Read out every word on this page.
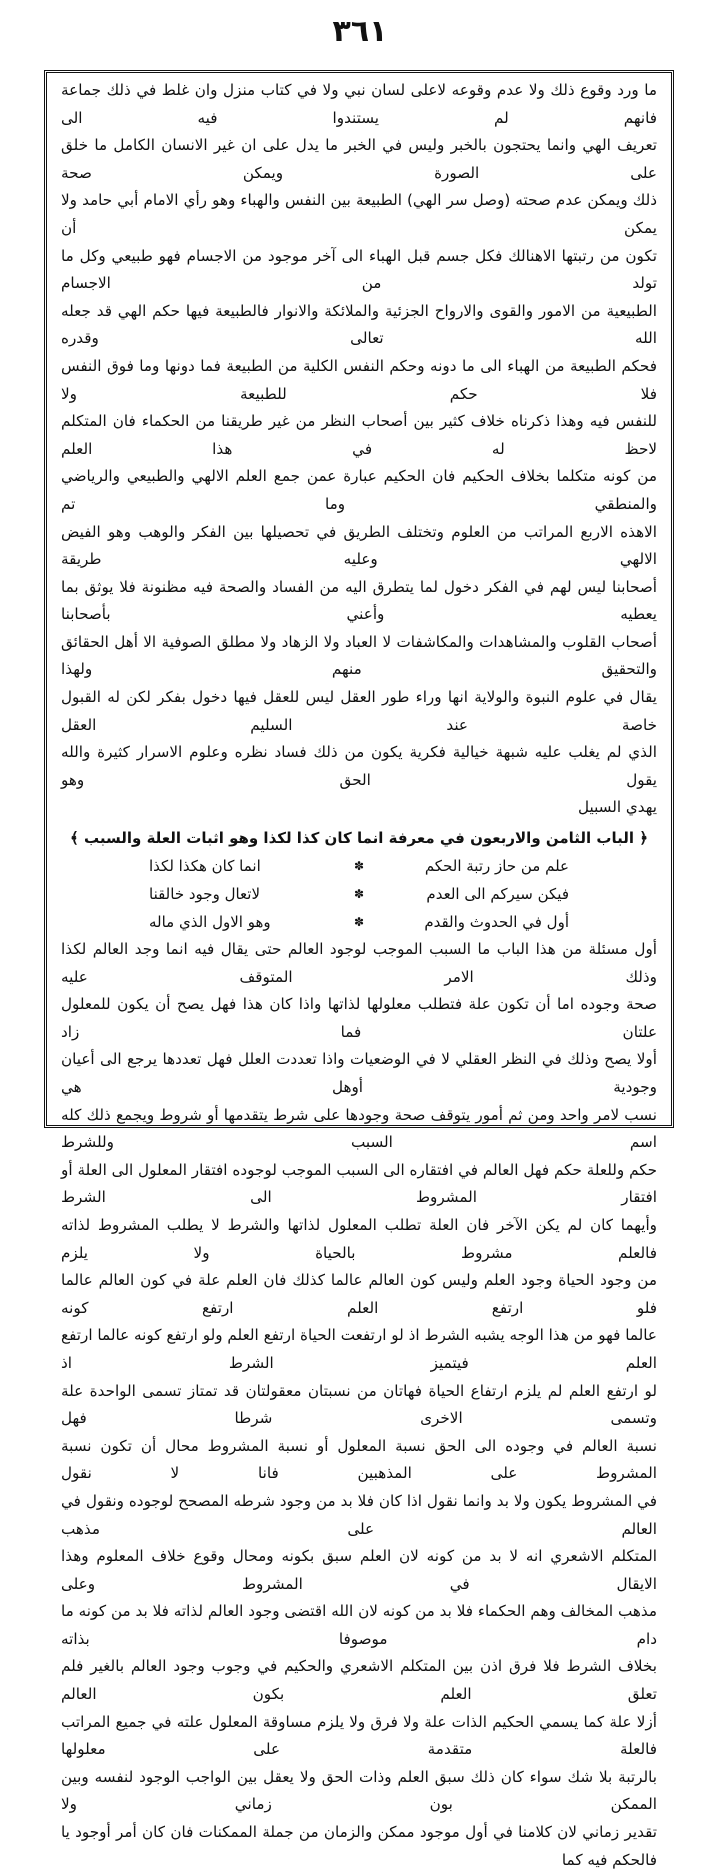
٣٦١

ما ورد وقوع ذلك ولا عدم وقوعه لاعلى لسان نبي ولا في كتاب منزل وان غلط في ذلك جماعة فانهم لم يستندوا فيه الى

تعريف الهي وانما يحتجون بالخبر وليس في الخبر ما يدل على ان غير الانسان الكامل ما خلق على الصورة ويمكن صحة

ذلك ويمكن عدم صحته (وصل سر الهي) الطبيعة بين النفس والهباء وهو رأي الامام أبي حامد ولا يمكن أن

تكون من رتبتها الاهنالك فكل جسم قبل الهباء الى آخر موجود من الاجسام فهو طبيعي وكل ما تولد من الاجسام

الطبيعية من الامور والقوى والارواح الجزئية والملائكة والانوار فالطبيعة فيها حكم الهي قد جعله الله تعالى وقدره

فحكم الطبيعة من الهباء الى ما دونه وحكم النفس الكلية من الطبيعة فما دونها وما فوق النفس فلا حكم للطبيعة ولا

للنفس فيه وهذا ذكرناه خلاف كثير بين أصحاب النظر من غير طريقنا من الحكماء فان المتكلم لاحظ له في هذا العلم

من كونه متكلما بخلاف الحكيم فان الحكيم عبارة عمن جمع العلم الالهي والطبيعي والرياضي والمنطقي وما تم

الاهذه الاربع المراتب من العلوم وتختلف الطريق في تحصيلها بين الفكر والوهب وهو الفيض الالهي وعليه طريقة

أصحابنا ليس لهم في الفكر دخول لما يتطرق اليه من الفساد والصحة فيه مظنونة فلا يوثق بما يعطيه وأعني بأصحابنا

أصحاب القلوب والمشاهدات والمكاشفات لا العباد ولا الزهاد ولا مطلق الصوفية الا أهل الحقائق والتحقيق منهم ولهذا

يقال في علوم النبوة والولاية انها وراء طور العقل ليس للعقل فيها دخول بفكر لكن له القبول خاصة عند السليم العقل

الذي لم يغلب عليه شبهة خيالية فكرية يكون من ذلك فساد نظره وعلوم الاسرار كثيرة والله يقول الحق وهو

يهدي السبيل

﴿ الباب الثامن والاربعون في معرفة انما كان كذا لكذا وهو اثبات العلة والسبب ﴾
علم من حاز رتبة الحكم
✽
انما كان هكذا لكذا
فيكن سيركم الى العدم
✽
لاتعال وجود خالقنا
أول في الحدوث والقدم
✽
وهو الاول الذي ماله

أول مسئلة من هذا الباب ما السبب الموجب لوجود العالم حتى يقال فيه انما وجد العالم لكذا وذلك الامر المتوقف عليه

صحة وجوده اما أن تكون علة فتطلب معلولها لذاتها واذا كان هذا فهل يصح أن يكون للمعلول علتان فما زاد

أولا يصح وذلك في النظر العقلي لا في الوضعيات واذا تعددت العلل فهل تعددها يرجع الى أعيان وجودية أوهل هي

نسب لامر واحد ومن ثم أمور يتوقف صحة وجودها على شرط يتقدمها أو شروط ويجمع ذلك كله اسم السبب وللشرط

حكم وللعلة حكم فهل العالم في افتقاره الى السبب الموجب لوجوده افتقار المعلول الى العلة أو افتقار المشروط الى الشرط

وأيهما كان لم يكن الآخر فان العلة تطلب المعلول لذاتها والشرط لا يطلب المشروط لذاته فالعلم مشروط بالحياة ولا يلزم

من وجود الحياة وجود العلم وليس كون العالم عالما كذلك فان العلم علة في كون العالم عالما فلو ارتفع العلم ارتفع كونه

عالما فهو من هذا الوجه يشبه الشرط اذ لو ارتفعت الحياة ارتفع العلم ولو ارتفع كونه عالما ارتفع العلم فيتميز الشرط اذ

لو ارتفع العلم لم يلزم ارتفاع الحياة فهاتان من نسبتان معقولتان قد تمتاز تسمى الواحدة علة وتسمى الاخرى شرطا فهل

نسبة العالم في وجوده الى الحق نسبة المعلول أو نسبة المشروط محال أن تكون نسبة المشروط على المذهبين فانا لا نقول

في المشروط يكون ولا بد وانما نقول اذا كان فلا بد من وجود شرطه المصحح لوجوده ونقول في العالم على مذهب

المتكلم الاشعري انه لا بد من كونه لان العلم سبق بكونه ومحال وقوع خلاف المعلوم وهذا الايقال في المشروط وعلى

مذهب المخالف وهم الحكماء فلا بد من كونه لان الله اقتضى وجود العالم لذاته فلا بد من كونه ما دام موصوفا بذاته

بخلاف الشرط فلا فرق اذن بين المتكلم الاشعري والحكيم في وجوب وجود العالم بالغير فلم تعلق العلم بكون العالم

أزلا علة كما يسمي الحكيم الذات علة ولا فرق ولا يلزم مساوقة المعلول علته في جميع المراتب فالعلة متقدمة على معلولها

بالرتبة بلا شك سواء كان ذلك سبق العلم وذات الحق ولا يعقل بين الواجب الوجود لنفسه وبين الممكن بون زماني ولا

تقدير زماني لان كلامنا في أول موجود ممكن والزمان من جملة الممكنات فان كان أمر أوجود يا فالحكم فيه كما
